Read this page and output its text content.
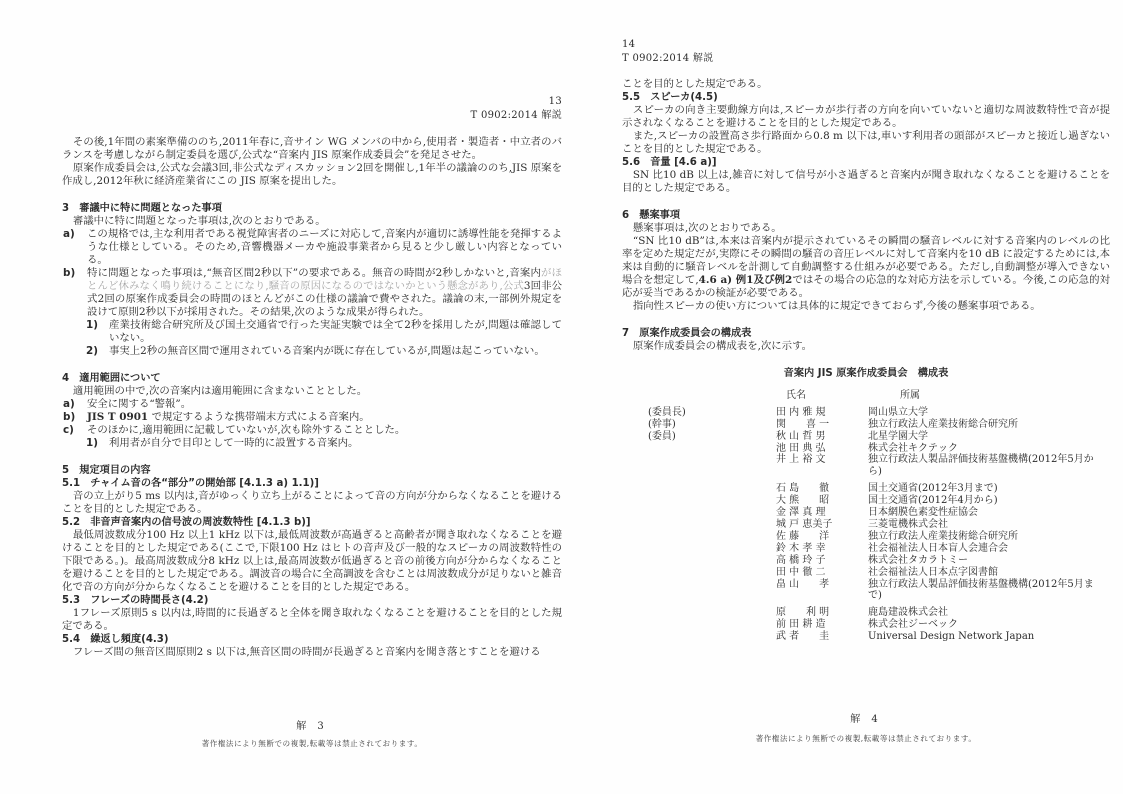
13
T 0902:2014 解説
その後,1年間の素案準備ののち,2011年春に,音サイン WG メンバの中から,使用者・製造者・中立者のバランスを考慮しながら制定委員を選び,公式な“音案内 JIS 原案作成委員会”を発足させた。
原案作成委員会は,公式な会議3回,非公式なディスカッション2回を開催し,1年半の議論ののち,JIS 原案を作成し,2012年秋に経済産業省にこの JIS 原案を提出した。
3　審議中に特に問題となった事項
審議中に特に問題となった事項は,次のとおりである。
a) この規格では,主な利用者である視覚障害者のニーズに対応して,音案内が適切に誘導性能を発揮するような仕様としている。そのため,音響機器メーカや施設事業者から見ると少し厳しい内容となっている。
b) 特に問題となった事項は,“無音区間2秒以下”の要求である。無音の時間が2秒しかないと,音案内がほとんど休みなく鳴り続けることになり,騒音の原因になるのではないかという懸念があり,公式3回非公式2回の原案作成委員会の時間のほとんどがこの仕様の議論で費やされた。議論の末,一部例外規定を設けて原則2秒以下が採用された。その結果,次のような成果が得られた。
1) 産業技術総合研究所及び国土交通省で行った実証実験では全て2秒を採用したが,問題は確認していない。
2) 事実上2秒の無音区間で運用されている音案内が既に存在しているが,問題は起こっていない。
4　適用範囲について
適用範囲の中で,次の音案内は適用範囲に含まないこととした。
a) 安全に関する“警報”。
b) JIS T 0901 で規定するような携帯端末方式による音案内。
c) そのほかに,適用範囲に記載していないが,次も除外することとした。
1) 利用者が自分で目印として一時的に設置する音案内。
5　規定項目の内容
5.1　チャイム音の各“部分”の開始部 [4.1.3 a) 1.1)]
音の立上がり5 ms 以内は,音がゆっくり立ち上がることによって音の方向が分からなくなることを避けることを目的とした規定である。
5.2　非音声音案内の信号波の周波数特性 [4.1.3 b)]
最低周波数成分100 Hz 以上1 kHz 以下は,最低周波数が高過ぎると高齢者が聞き取れなくなることを避けることを目的とした規定である(ここで,下限100 Hz はヒトの音声及び一般的なスピーカの周波数特性の下限である。)。最高周波数成分8 kHz 以上は,最高周波数が低過ぎると音の前後方向が分からなくなることを避けることを目的とした規定である。調波音の場合に全高調波を含むことは周波数成分が足りないと雑音化で音の方向が分からなくなることを避けることを目的とした規定である。
5.3　フレーズの時間長さ(4.2)
1フレーズ原則5 s 以内は,時間的に長過ぎると全体を聞き取れなくなることを避けることを目的とした規定である。
5.4　繰返し頻度(4.3)
フレーズ間の無音区間原則2 s 以下は,無音区間の時間が長過ぎると音案内を聞き落とすことを避ける
解 3
著作権法により無断での複製,転載等は禁止されております。
14
T 0902:2014 解説
ことを目的とした規定である。
5.5　スピーカ(4.5)
スピーカの向き主要動線方向は,スピーカが歩行者の方向を向いていないと適切な周波数特性で音が提示されなくなることを避けることを目的とした規定である。
また,スピーカの設置高さ歩行路面から0.8 m 以下は,車いす利用者の頭部がスピーカと接近し過ぎないことを目的とした規定である。
5.6　音量 [4.6 a)]
SN 比10 dB 以上は,雑音に対して信号が小さ過ぎると音案内が聞き取れなくなることを避けることを目的とした規定である。
6　懸案事項
懸案事項は,次のとおりである。
“SN 比10 dB”は,本来は音案内が提示されているその瞬間の騒音レベルに対する音案内のレベルの比率を定めた規定だが,実際にその瞬間の騒音の音圧レベルに対して音案内を10 dB に設定するためには,本来は自動的に騒音レベルを計測して自動調整する仕組みが必要である。ただし,自動調整が導入できない場合を想定して,4.6 a) 例1及び例2ではその場合の応急的な対応方法を示している。今後,この応急的対応が妥当であるかの検証が必要である。
指向性スピーカの使い方については具体的に規定できておらず,今後の懸案事項である。
7　原案作成委員会の構成表
原案作成委員会の構成表を,次に示す。
音案内 JIS 原案作成委員会　構成表
氏名	所属
(委員長)	田 内 雅 規	岡山県立大学
(幹事)	関　　喜 一	独立行政法人産業技術総合研究所
(委員)	秋 山 哲 男	北星学園大学
池 田 典 弘	株式会社キクテック
井 上 裕 文	独立行政法人製品評価技術基盤機構(2012年5月から)
石 島　　徹	国土交通省(2012年3月まで)
大 熊　　昭	国土交通省(2012年4月から)
金 澤 真 理	日本網膜色素変性症協会
城 戸 恵美子	三菱電機株式会社
佐 藤　　洋	独立行政法人産業技術総合研究所
鈴 木 孝 幸	社会福祉法人日本盲人会連合会
高 橋 玲 子	株式会社タカラトミー
田 中 徹 二	社会福祉法人日本点字図書館
畠 山　　孝	独立行政法人製品評価技術基盤機構(2012年5月まで)
原　　利 明	鹿島建設株式会社
前 田 耕 造	株式会社ジーベック
武 者　　圭	Universal Design Network Japan
解 4
著作権法により無断での複製,転載等は禁止されております。
